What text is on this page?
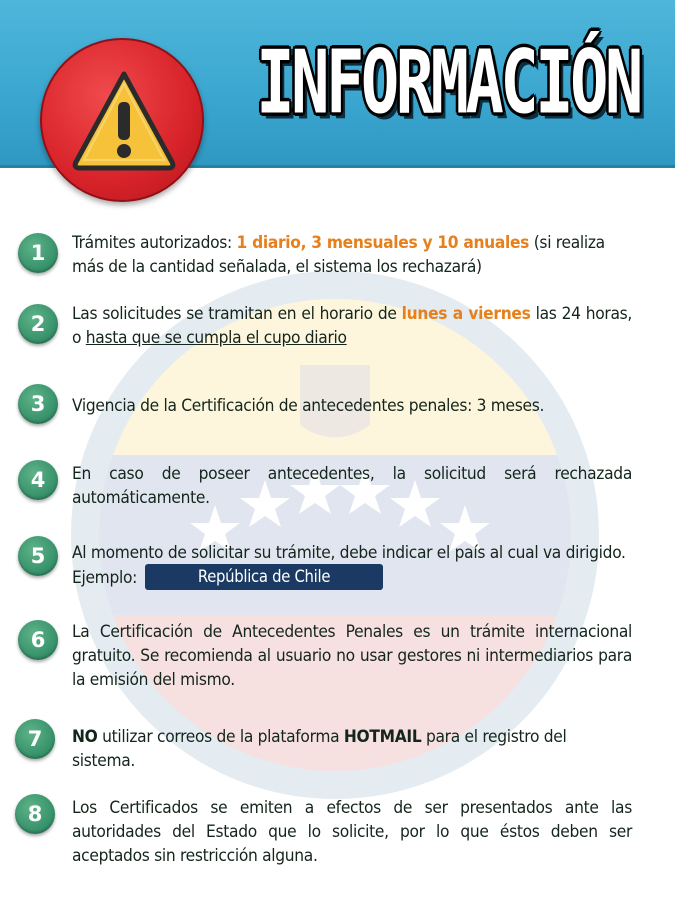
INFORMACIÓN
1	Trámites autorizados: 1 diario, 3 mensuales y 10 anuales (si realiza más de la cantidad señalada, el sistema los rechazará)
2	Las solicitudes se tramitan en el horario de lunes a viernes las 24 horas, o hasta que se cumpla el cupo diario
3	Vigencia de la Certificación de antecedentes penales: 3 meses.
4	En caso de poseer antecedentes, la solicitud será rechazada automáticamente.
5	Al momento de solicitar su trámite, debe indicar el país al cual va dirigido. Ejemplo:	República de Chile
6	La Certificación de Antecedentes Penales es un trámite internacional gratuito. Se recomienda al usuario no usar gestores ni intermediarios para la emisión del mismo.
7	NO utilizar correos de la plataforma HOTMAIL para el registro del sistema.
8	Los Certificados se emiten a efectos de ser presentados ante las autoridades del Estado que lo solicite, por lo que éstos deben ser aceptados sin restricción alguna.
